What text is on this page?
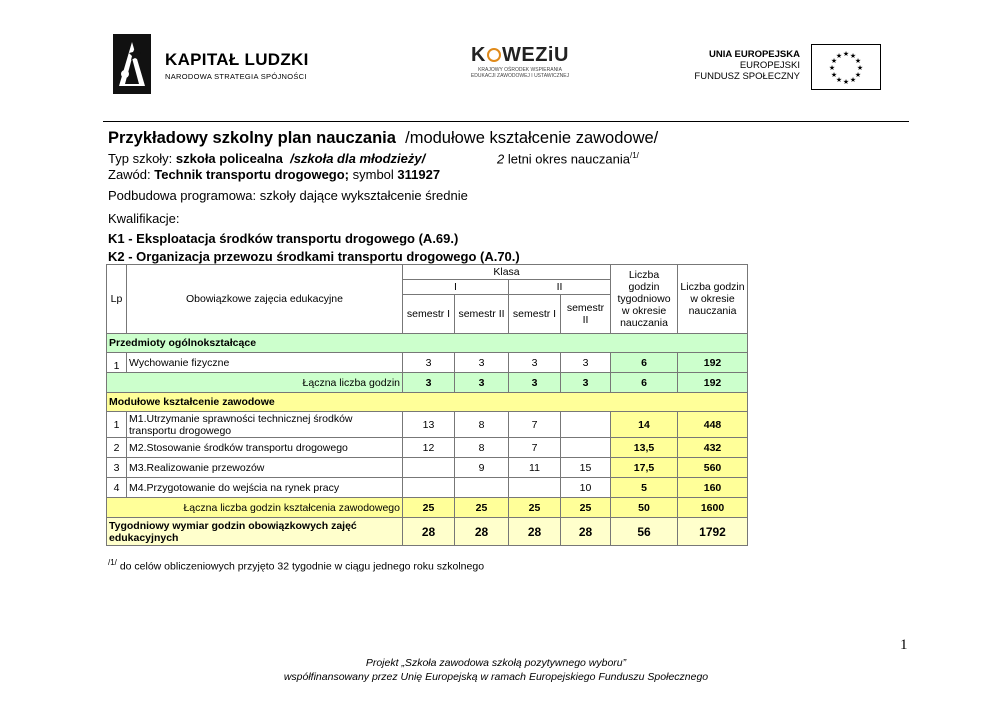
KAPITAŁ LUDZKI
NARODOWA STRATEGIA SPÓJNOŚCI
K WEZiU
KRAJOWY OŚRODEK WSPIERANIA
EDUKACJI ZAWODOWEJ I USTAWICZNEJ
UNIA EUROPEJSKA
EUROPEJSKI
FUNDUSZ SPOŁECZNY
★ ★
★
★
★
★
★
★
★
★
★
★
Przykładowy szkolny plan nauczania /modułowe kształcenie zawodowe/
Typ szkoły: szkoła policealna /szkoła dla młodzieży/	2 letni okres nauczania$^{/1/}$
Zawód: Technik transportu drogowego; symbol 311927
Podbudowa programowa: szkoły dające wykształcenie średnie
Kwalifikacje:
K1 - Eksploatacja środków transportu drogowego (A.69.)
K2 - Organizacja przewozu środkami transportu drogowego (A.70.)
Lp	Obowiązkowe zajęcia edukacyjne	Klasa				Liczba godzin tygodniowo w okresie nauczania	Liczba godzin w okresie nauczania
		I		II			
		semestr I	semestr II	semestr I	semestr II		
Przedmioty ogólnokształcące							
1	Wychowanie fizyczne	3	3	3	3	6	192
Łączna liczba godzin		3	3	3	3	6	192
Modułowe kształcenie zawodowe							
1	M1.Utrzymanie sprawności technicznej środków transportu drogowego	13	8	7		14	448
2	M2.Stosowanie środków transportu drogowego	12	8	7		13,5	432
3	M3.Realizowanie przewozów		9	11	15	17,5	560
4	M4.Przygotowanie do wejścia na rynek pracy				10	5	160
Łączna liczba godzin kształcenia zawodowego		25	25	25	25	50	1600
Tygodniowy wymiar godzin obowiązkowych zajęć edukacyjnych		28	28	28	28	56	1792
$^{/1/}$ do celów obliczeniowych przyjęto 32 tygodnie w ciągu jednego roku szkolnego
1
Projekt „Szkoła zawodowa szkołą pozytywnego wyboru”
współfinansowany przez Unię Europejską w ramach Europejskiego Funduszu Społecznego
